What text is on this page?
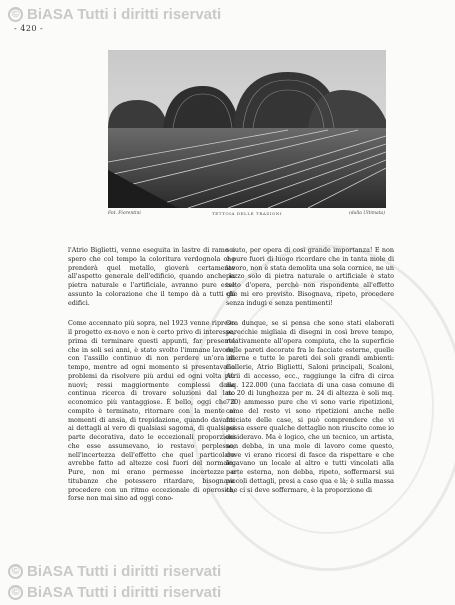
© BiASA Tutti i diritti riservati
- 420 -
Fot. Fiorentini	TETTOIA DELLE TRAZIONI	(dalla Ultimata)

l'Atrio Biglietti, venne eseguita in lastre di rame e spero che col tempo la coloritura verdognola che prenderà quel metallo, gioverà certamente all'aspetto generale dell'edificio, quando anche la pietra naturale e l'artificiale, avranno pure esse assunto la colorazione che il tempo dà a tutti gli edifici.

Come accennato più sopra, nel 1923 venne ripreso il progetto ex-novo e non è certo privo di interesse, prima di terminare questi appunti, far presente che in soli sei anni, è stato svolto l'immane lavoro, con l'assillo continuo di non perdere un'ora di tempo, mentre ad ogni momento si presentavano problemi da risolvere più ardui ed ogni volta più nuovi; ressi maggiormente complessi dalla continua ricerca di trovare soluzioni dal lato economico più vantaggiose. È bello, oggi che il compito è terminato, ritornare con la mente ai momenti di ansia, di trepidazione, quando davanti ai dettagli al vero di qualsiasi sagoma, di qualsiasi parte decorativa, dato le eccezionali proporzioni che esse assumevano, io restavo perplesso, nell'incertezza dell'effetto che quel particolare avrebbe fatto ad altezze così fuori del normale. Pure, non mi erano permesse incertezze e titubanze che potessero ritardare, bisognava procedere con un ritmo eccezionale di operosità, forse non mai sino ad oggi cono-

sciuto, per opera di così grande importanza! E non è pure fuori di luogo ricordare che in tanta mole di lavoro, non è stata demolita una sola cornice, ne un pezzo solo di pietra naturale o artificiale è stato tolto d'opera, perchè non rispondente all'effetto che mi ero previsto. Bisognava, ripeto, procedere senza indugi e senza pentimenti!

Ora dunque, se si pensa che sono stati elaborati parecchie migliaia di disegni in così breve tempo, relativamente all'opera compiuta, che la superficie delle pareti decorate fra le facciate esterne, quelle interne e tutte le pareti dei soli grandi ambienti: Gallerie, Atrio Biglietti, Saloni principali, Scaloni, Atrii di accesso, ecc., raggiunge la cifra di circa mq. 122.000 (una facciata di una casa comune di m. 20 di lunghezza per m. 24 di altezza è soli mq. 720) ammesso pure che vi sono varie ripetizioni, come del resto vi sono ripetizioni anche nelle facciate delle case, si può comprendere che vi possa essere qualche dettaglio non riuscito come io desideravo. Ma è logico, che un tecnico, un artista, non debba, in una mole di lavoro come questo, dove vi erano ricorsi di fasce da rispettare e che legavano un locale al altro e tutti vincolati alla parte esterna, non debba, ripeto, soffermarsi sui piccoli dettagli, presi a caso qua e là; è sulla massa che ci si deve soffermare, è la proporzione di

© BiASA Tutti i diritti riservati
© BiASA Tutti i diritti riservati
